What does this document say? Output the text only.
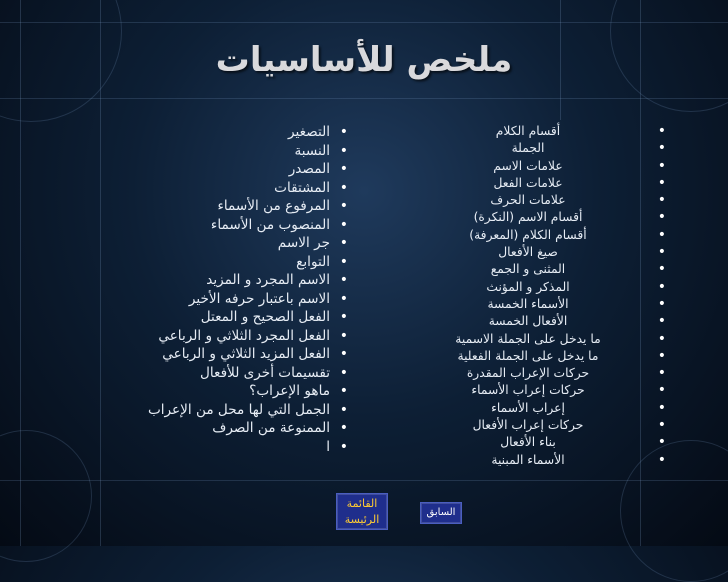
ملخص للأساسيات
أقسام الكلام •
الجملة •
علامات الاسم •
علامات الفعل •
علامات الحرف •
أقسام الاسم (النكرة) •
أقسام الكلام (المعرفة) •
صيغ الأفعال •
المثنى و الجمع •
المذكر و المؤنث •
الأسماء الخمسة •
الأفعال الخمسة •
ما يدخل على الجملة الاسمية •
ما يدخل على الجملة الفعلية •
حركات الإعراب المقدرة •
حركات إعراب الأسماء •
إعراب الأسماء •
حركات إعراب الأفعال •
بناء الأفعال •
الأسماء المبنية •
التصغير •
النسبة •
المصدر •
المشتقات •
المرفوع من الأسماء •
المنصوب من الأسماء •
جر الاسم •
التوابع •
الاسم المجرد و المزيد •
الاسم باعتبار حرفه الأخير •
الفعل الصحيح و المعتل •
الفعل المجرد الثلاثي و الرباعي •
الفعل المزيد الثلاثي و الرباعي •
تقسيمات أخرى للأفعال •
ماهو الإعراب؟ •
الجمل التي لها محل من الإعراب •
الممنوعة من الصرف •
ا •
القائمة
الرئيسة
السابق
